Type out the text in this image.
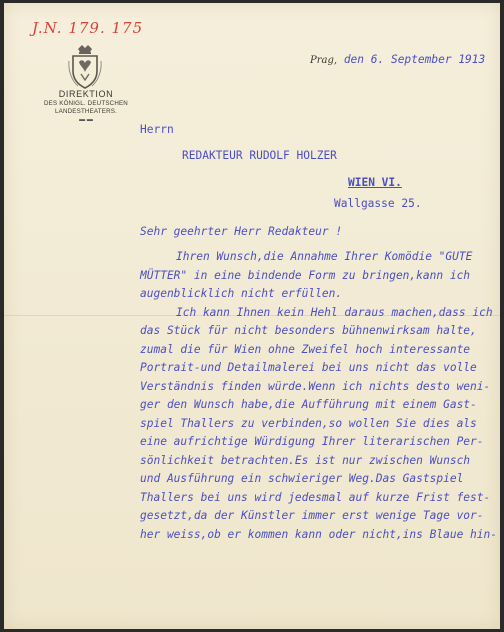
J.N. 179. 175
DIREKTION
DES KÖNIGL. DEUTSCHEN
LANDESTHEATERS.
▬ ▬
Prag, den 6. September 1913
Herrn
REDAKTEUR RUDOLF HOLZER
WIEN VI.
Wallgasse 25.
Sehr geehrter Herr Redakteur !
Ihren Wunsch,die Annahme Ihrer Komödie "GUTE
MÜTTER" in eine bindende Form zu bringen,kann ich
augenblicklich nicht erfüllen.
Ich kann Ihnen kein Hehl daraus machen,dass ich
das Stück für nicht besonders bühnenwirksam halte,
zumal die für Wien ohne Zweifel hoch interessante
Portrait-und Detailmalerei bei uns nicht das volle
Verständnis finden würde.Wenn ich nichts desto weni-
ger den Wunsch habe,die Aufführung mit einem Gast-
spiel Thallers zu verbinden,so wollen Sie dies als
eine aufrichtige Würdigung Ihrer literarischen Per-
sönlichkeit betrachten.Es ist nur zwischen Wunsch
und Ausführung ein schwieriger Weg.Das Gastspiel
Thallers bei uns wird jedesmal auf kurze Frist fest-
gesetzt,da der Künstler immer erst wenige Tage vor-
her weiss,ob er kommen kann oder nicht,ins Blaue hin-
